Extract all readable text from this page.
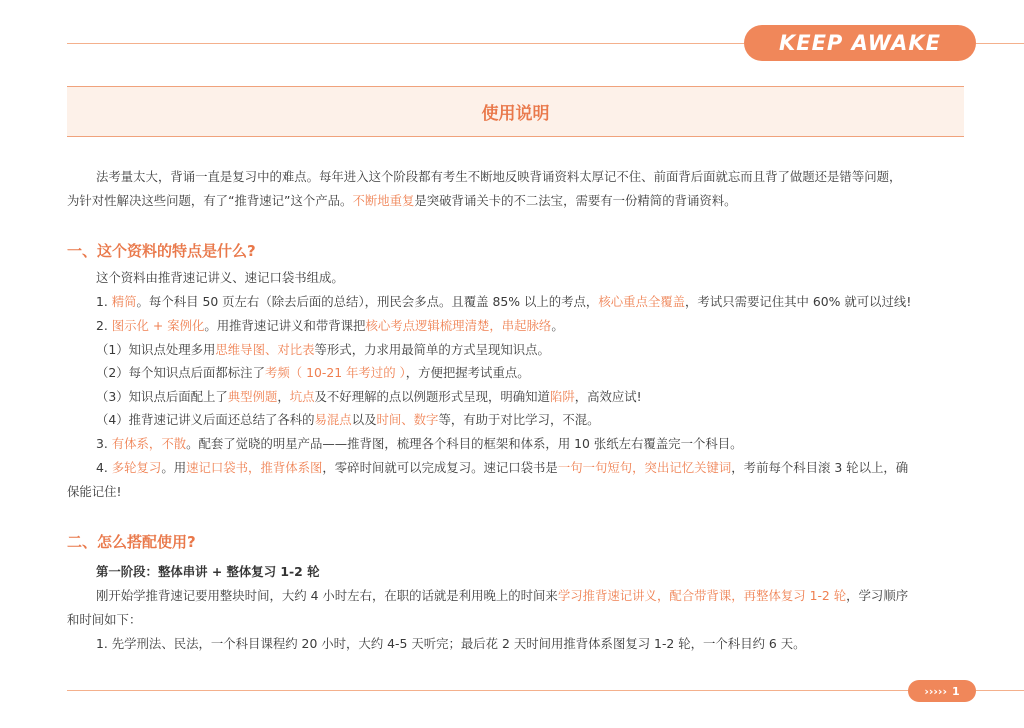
KEEP AWAKE
使用说明
法考量太大，背诵一直是复习中的难点。每年进入这个阶段都有考生不断地反映背诵资料太厚记不住、前面背后面就忘而且背了做题还是错等问题，
为针对性解决这些问题，有了“推背速记”这个产品。不断地重复是突破背诵关卡的不二法宝，需要有一份精简的背诵资料。
一、这个资料的特点是什么?
这个资料由推背速记讲义、速记口袋书组成。
1. 精简。每个科目 50 页左右（除去后面的总结），刑民会多点。且覆盖 85% 以上的考点，核心重点全覆盖，考试只需要记住其中 60% 就可以过线!
2. 图示化 + 案例化。用推背速记讲义和带背课把核心考点逻辑梳理清楚，串起脉络。
（1）知识点处理多用思维导图、对比表等形式，力求用最简单的方式呈现知识点。
（2）每个知识点后面都标注了考频（ 10-21 年考过的 ），方便把握考试重点。
（3）知识点后面配上了典型例题，坑点及不好理解的点以例题形式呈现，明确知道陷阱，高效应试!
（4）推背速记讲义后面还总结了各科的易混点以及时间、数字等，有助于对比学习，不混。
3. 有体系，不散。配套了觉晓的明星产品——推背图，梳理各个科目的框架和体系，用 10 张纸左右覆盖完一个科目。
4. 多轮复习。用速记口袋书，推背体系图，零碎时间就可以完成复习。速记口袋书是一句一句短句，突出记忆关键词，考前每个科目滚 3 轮以上，确
保能记住!
二、怎么搭配使用?
第一阶段：整体串讲 + 整体复习 1-2 轮
刚开始学推背速记要用整块时间，大约 4 小时左右，在职的话就是利用晚上的时间来学习推背速记讲义，配合带背课，再整体复习 1-2 轮，学习顺序
和时间如下：
1. 先学刑法、民法，一个科目课程约 20 小时，大约 4-5 天听完；最后花 2 天时间用推背体系图复习 1-2 轮，一个科目约 6 天。
››››› 1
